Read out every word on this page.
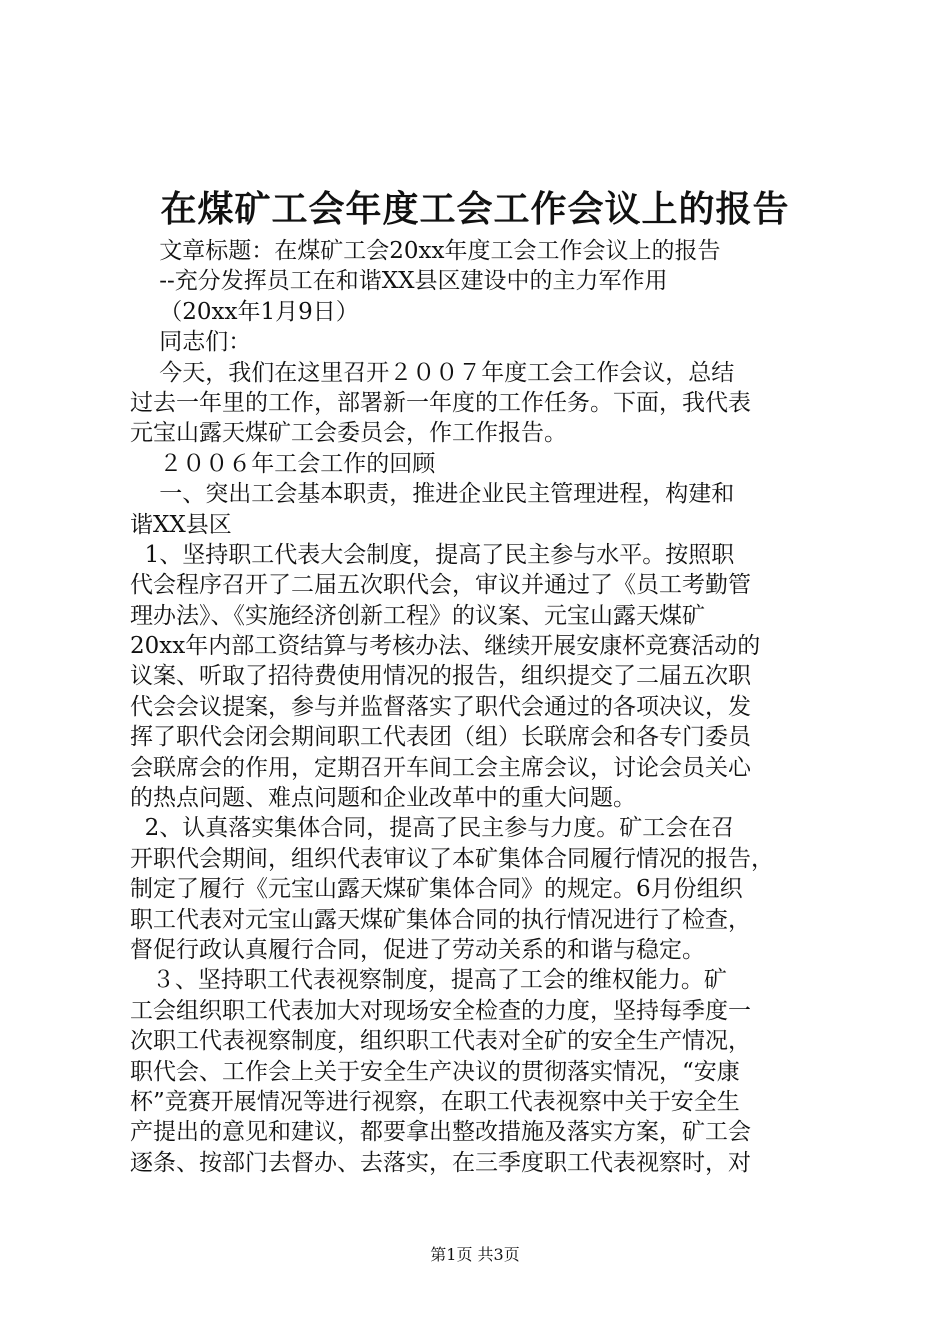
在煤矿工会年度工会工作会议上的报告
文章标题：在煤矿工会20xx年度工会工作会议上的报告
--充分发挥员工在和谐XX县区建设中的主力军作用
（20xx年1月9日）
同志们：
今天，我们在这里召开２００７年度工会工作会议，总结
过去一年里的工作，部署新一年度的工作任务。下面，我代表
元宝山露天煤矿工会委员会，作工作报告。
２００６年工会工作的回顾
一、突出工会基本职责，推进企业民主管理进程，构建和
谐XX县区
1、坚持职工代表大会制度，提高了民主参与水平。按照职
代会程序召开了二届五次职代会，审议并通过了《员工考勤管
理办法》、《实施经济创新工程》的议案、元宝山露天煤矿
20xx年内部工资结算与考核办法、继续开展安康杯竞赛活动的
议案、听取了招待费使用情况的报告，组织提交了二届五次职
代会会议提案，参与并监督落实了职代会通过的各项决议，发
挥了职代会闭会期间职工代表团（组）长联席会和各专门委员
会联席会的作用，定期召开车间工会主席会议，讨论会员关心
的热点问题、难点问题和企业改革中的重大问题。
2、认真落实集体合同，提高了民主参与力度。矿工会在召
开职代会期间，组织代表审议了本矿集体合同履行情况的报告，
制定了履行《元宝山露天煤矿集体合同》的规定。6月份组织
职工代表对元宝山露天煤矿集体合同的执行情况进行了检查，
督促行政认真履行合同，促进了劳动关系的和谐与稳定。
３、坚持职工代表视察制度，提高了工会的维权能力。矿
工会组织职工代表加大对现场安全检查的力度，坚持每季度一
次职工代表视察制度，组织职工代表对全矿的安全生产情况，
职代会、工作会上关于安全生产决议的贯彻落实情况，“安康
杯”竞赛开展情况等进行视察，在职工代表视察中关于安全生
产提出的意见和建议，都要拿出整改措施及落实方案，矿工会
逐条、按部门去督办、去落实，在三季度职工代表视察时，对
第1页 共3页
